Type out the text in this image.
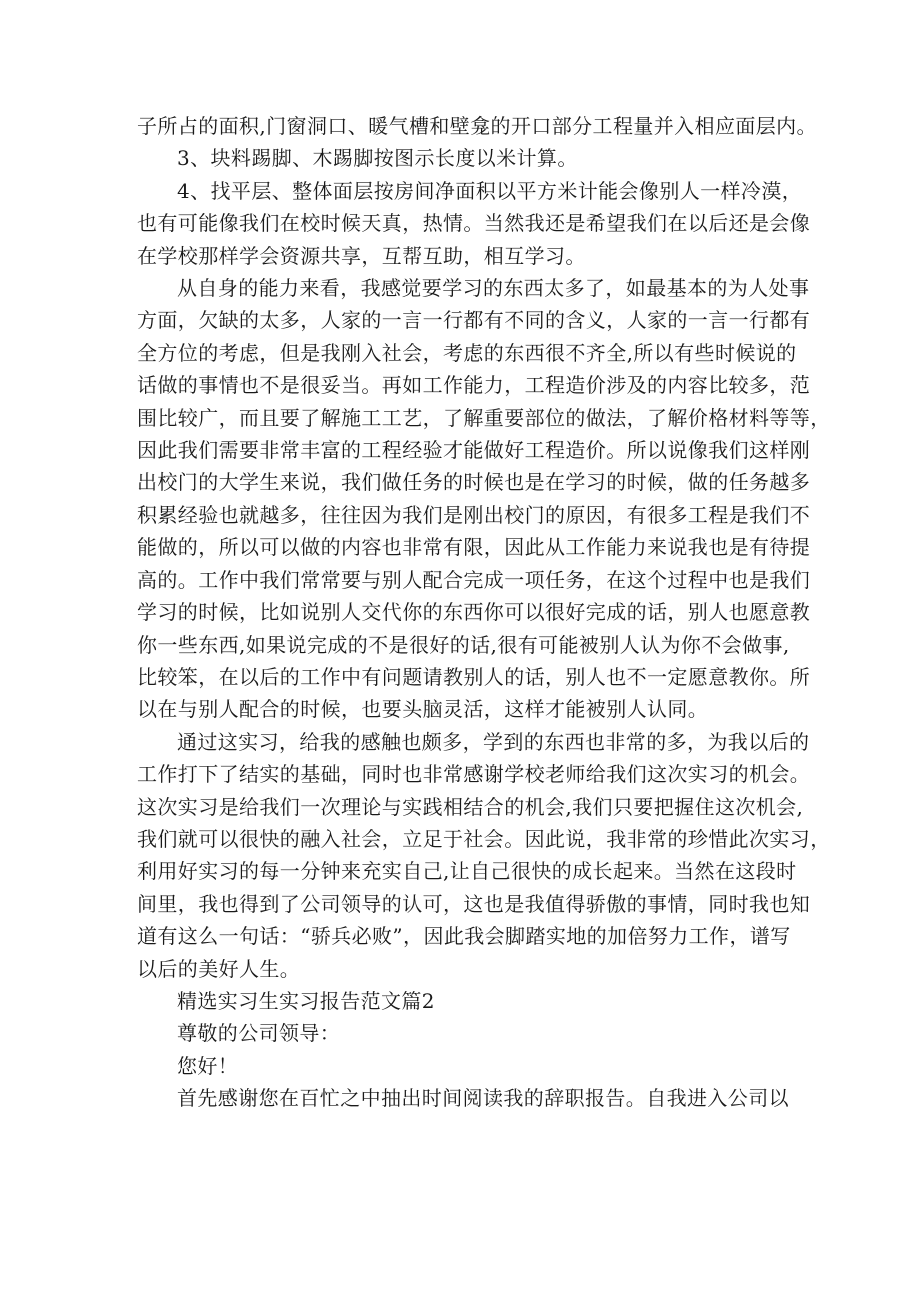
子所占的面积,门窗洞口、暖气槽和壁龛的开口部分工程量并入相应面层内。

3、块料踢脚、木踢脚按图示长度以米计算。

4、找平层、整体面层按房间净面积以平方米计能会像别人一样冷漠，
也有可能像我们在校时候天真，热情。当然我还是希望我们在以后还是会像
在学校那样学会资源共享，互帮互助，相互学习。

从自身的能力来看，我感觉要学习的东西太多了，如最基本的为人处事
方面，欠缺的太多，人家的一言一行都有不同的含义，人家的一言一行都有
全方位的考虑，但是我刚入社会，考虑的东西很不齐全,所以有些时候说的
话做的事情也不是很妥当。再如工作能力，工程造价涉及的内容比较多，范
围比较广，而且要了解施工工艺，了解重要部位的做法，了解价格材料等等，
因此我们需要非常丰富的工程经验才能做好工程造价。所以说像我们这样刚
出校门的大学生来说，我们做任务的时候也是在学习的时候，做的任务越多
积累经验也就越多，往往因为我们是刚出校门的原因，有很多工程是我们不
能做的，所以可以做的内容也非常有限，因此从工作能力来说我也是有待提
高的。工作中我们常常要与别人配合完成一项任务，在这个过程中也是我们
学习的时候，比如说别人交代你的东西你可以很好完成的话，别人也愿意教
你一些东西,如果说完成的不是很好的话,很有可能被别人认为你不会做事,
比较笨，在以后的工作中有问题请教别人的话，别人也不一定愿意教你。所
以在与别人配合的时候，也要头脑灵活，这样才能被别人认同。

通过这实习，给我的感触也颇多，学到的东西也非常的多，为我以后的
工作打下了结实的基础，同时也非常感谢学校老师给我们这次实习的机会。
这次实习是给我们一次理论与实践相结合的机会,我们只要把握住这次机会,
我们就可以很快的融入社会，立足于社会。因此说，我非常的珍惜此次实习，
利用好实习的每一分钟来充实自己,让自己很快的成长起来。当然在这段时
间里，我也得到了公司领导的认可，这也是我值得骄傲的事情，同时我也知
道有这么一句话：“骄兵必败”，因此我会脚踏实地的加倍努力工作，谱写
以后的美好人生。

精选实习生实习报告范文篇2

尊敬的公司领导：

您好！

首先感谢您在百忙之中抽出时间阅读我的辞职报告。自我进入公司以
